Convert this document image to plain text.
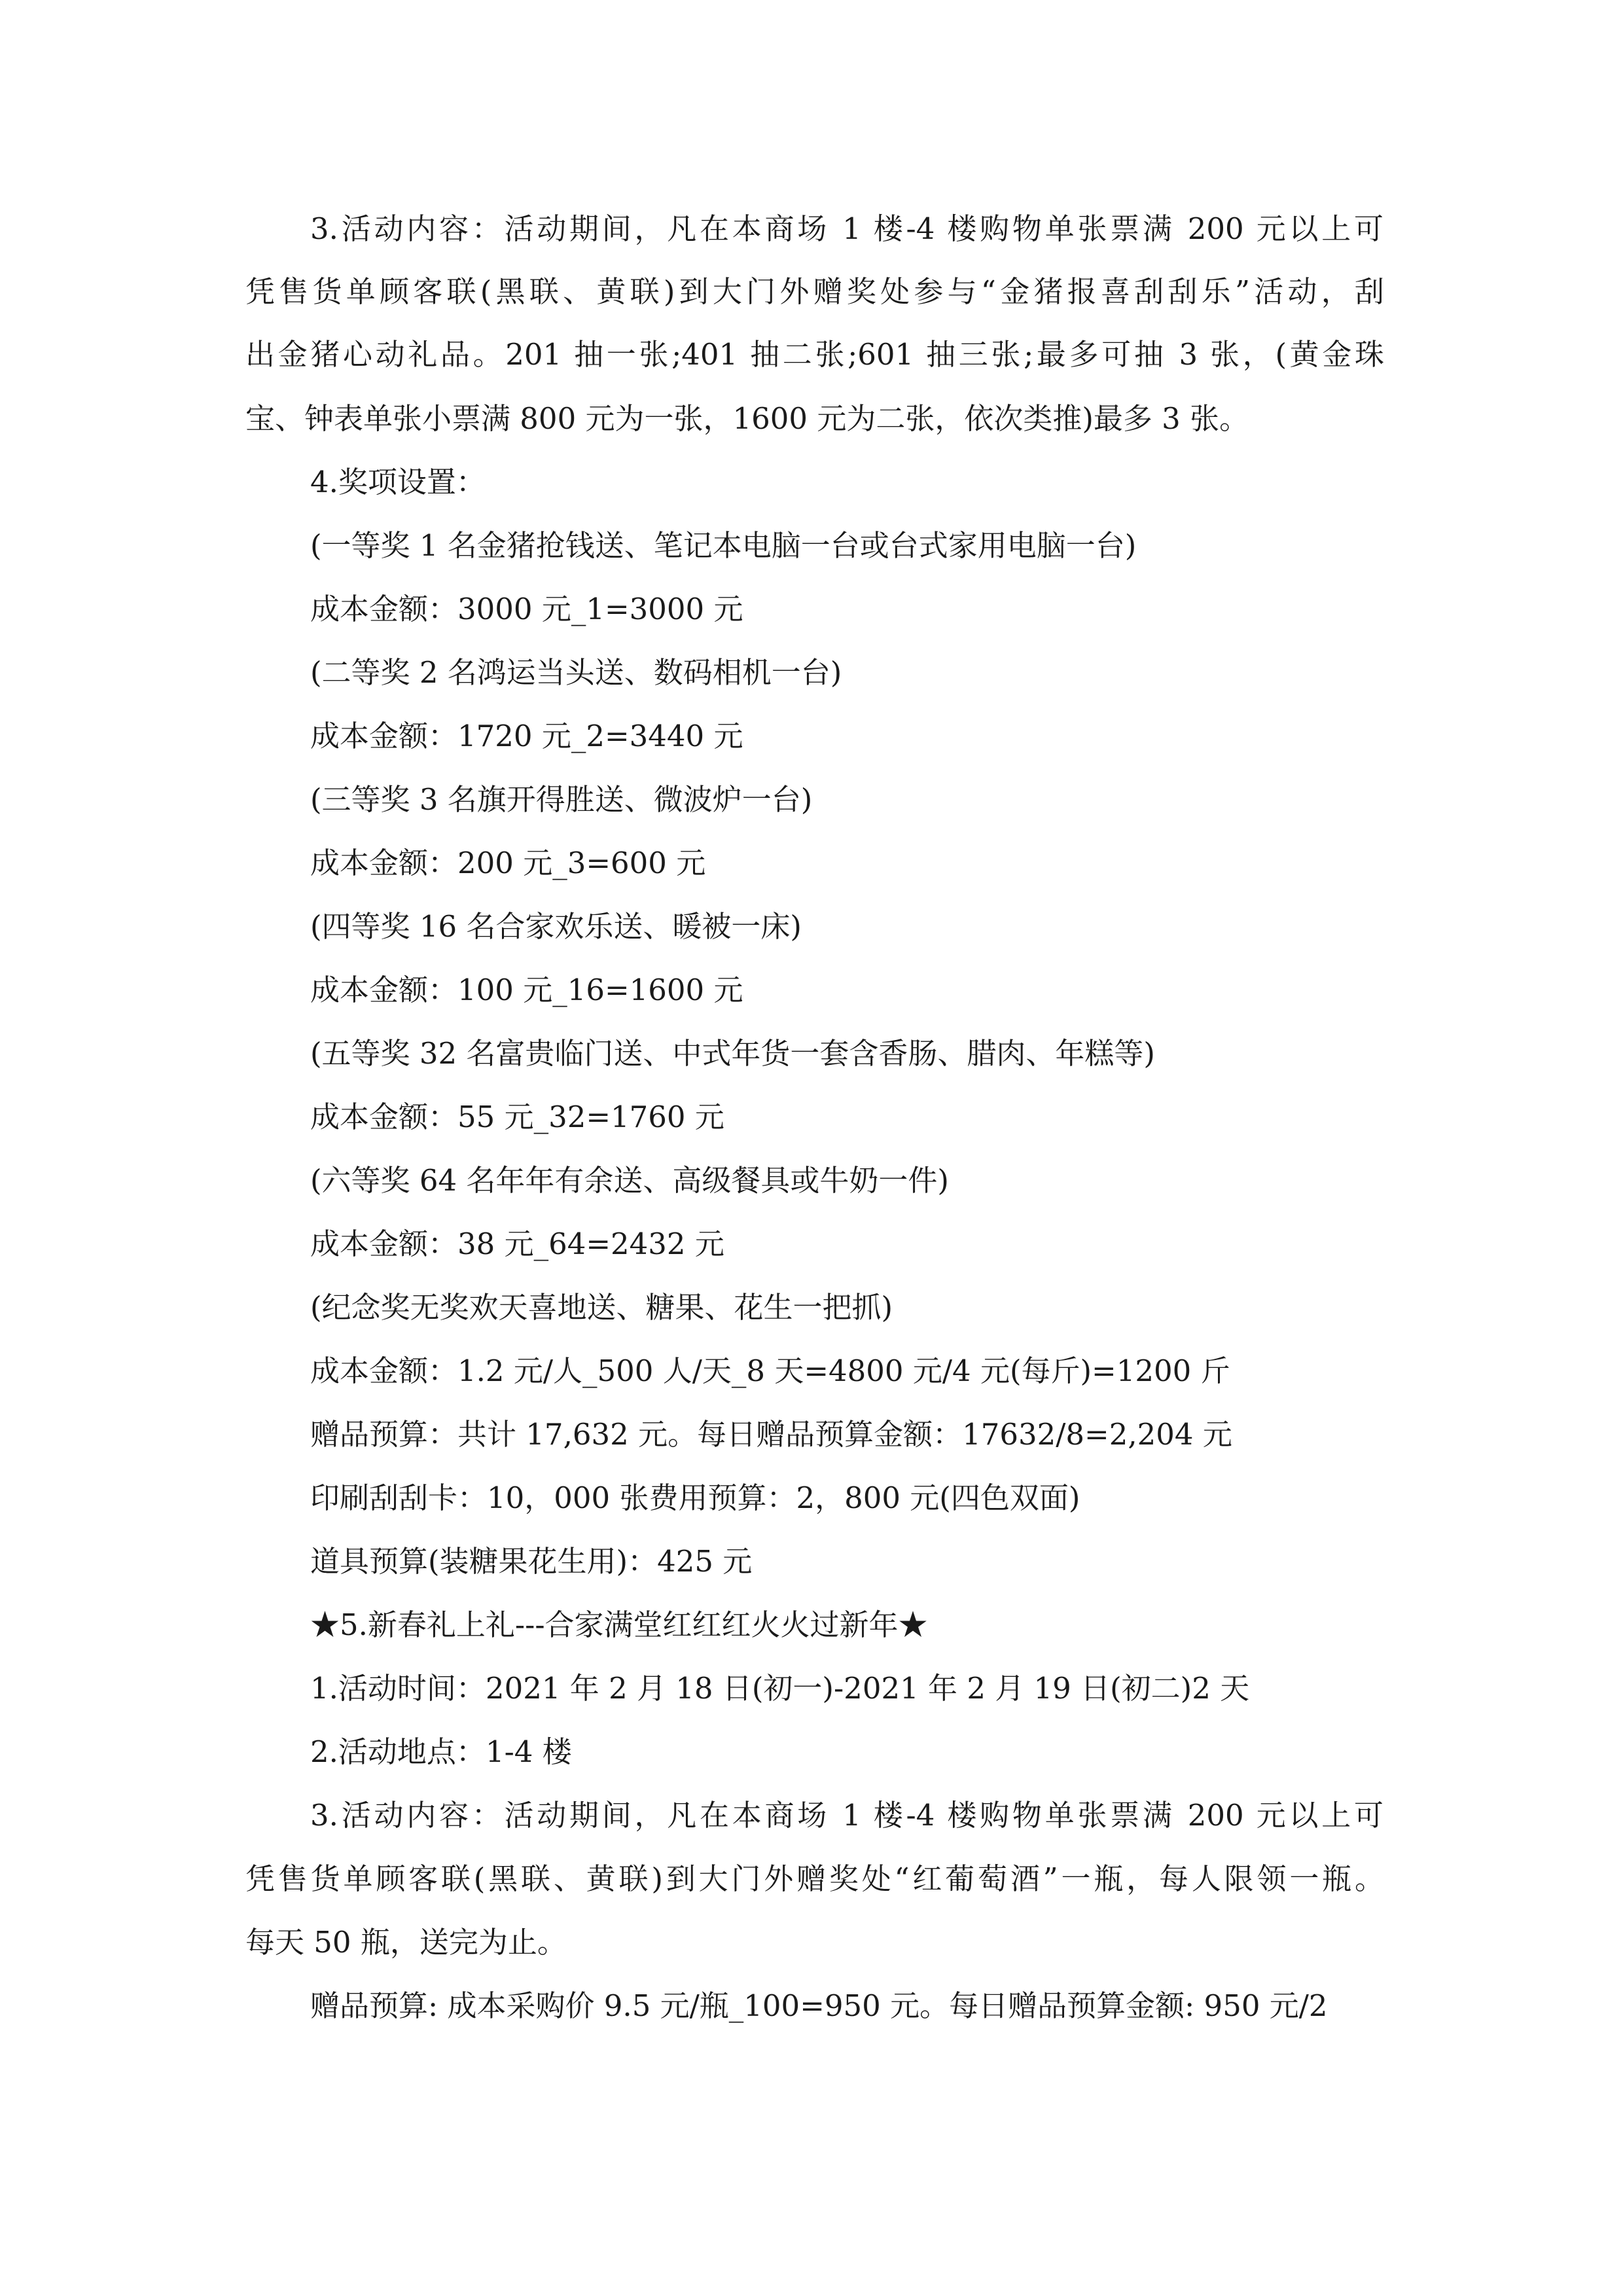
3.活动内容：活动期间，凡在本商场 1 楼-4 楼购物单张票满 200 元以上可
凭售货单顾客联(黑联、黄联)到大门外赠奖处参与“金猪报喜刮刮乐”活动，刮
出金猪心动礼品。201 抽一张;401 抽二张;601 抽三张;最多可抽 3 张，(黄金珠
宝、钟表单张小票满 800 元为一张，1600 元为二张，依次类推)最多 3 张。
4.奖项设置：
(一等奖 1 名金猪抢钱送、笔记本电脑一台或台式家用电脑一台)
成本金额：3000 元_1=3000 元
(二等奖 2 名鸿运当头送、数码相机一台)
成本金额：1720 元_2=3440 元
(三等奖 3 名旗开得胜送、微波炉一台)
成本金额：200 元_3=600 元
(四等奖 16 名合家欢乐送、暖被一床)
成本金额：100 元_16=1600 元
(五等奖 32 名富贵临门送、中式年货一套含香肠、腊肉、年糕等)
成本金额：55 元_32=1760 元
(六等奖 64 名年年有余送、高级餐具或牛奶一件)
成本金额：38 元_64=2432 元
(纪念奖无奖欢天喜地送、糖果、花生一把抓)
成本金额：1.2 元/人_500 人/天_8 天=4800 元/4 元(每斤)=1200 斤
赠品预算：共计 17,632 元。每日赠品预算金额：17632/8=2,204 元
印刷刮刮卡：10，000 张费用预算：2，800 元(四色双面)
道具预算(装糖果花生用)：425 元
★5.新春礼上礼---合家满堂红红红火火过新年★
1.活动时间：2021 年 2 月 18 日(初一)-2021 年 2 月 19 日(初二)2 天
2.活动地点：1-4 楼
3.活动内容：活动期间，凡在本商场 1 楼-4 楼购物单张票满 200 元以上可
凭售货单顾客联(黑联、黄联)到大门外赠奖处“红葡萄酒”一瓶，每人限领一瓶。
每天 50 瓶，送完为止。
赠品预算: 成本采购价 9.5 元/瓶_100=950 元。每日赠品预算金额: 950 元/2
